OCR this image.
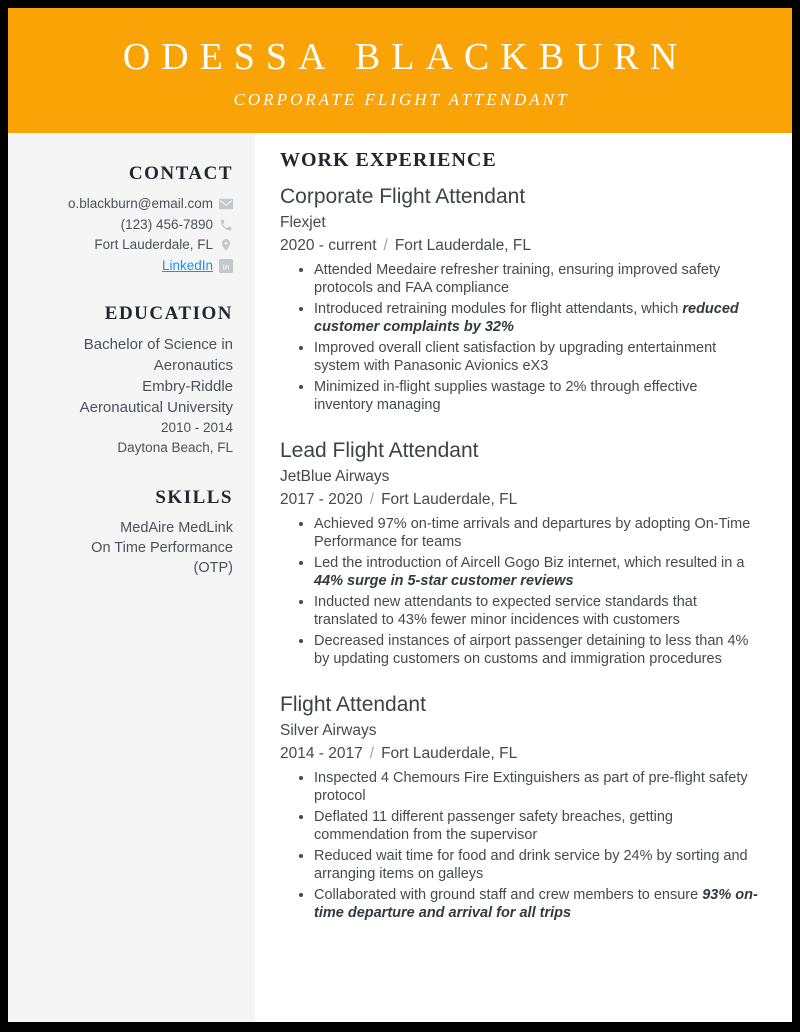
ODESSA BLACKBURN
CORPORATE FLIGHT ATTENDANT
CONTACT
o.blackburn@email.com
(123) 456-7890
Fort Lauderdale, FL
LinkedIn in
EDUCATION
Bachelor of Science in Aeronautics
Embry-Riddle Aeronautical University
2010 - 2014
Daytona Beach, FL
SKILLS
MedAire MedLink
On Time Performance (OTP)
WORK EXPERIENCE
Corporate Flight Attendant
Flexjet
2020 - current / Fort Lauderdale, FL
• Attended Meedaire refresher training, ensuring improved safety protocols and FAA compliance
• Introduced retraining modules for flight attendants, which reduced customer complaints by 32%
• Improved overall client satisfaction by upgrading entertainment system with Panasonic Avionics eX3
• Minimized in-flight supplies wastage to 2% through effective inventory managing
Lead Flight Attendant
JetBlue Airways
2017 - 2020 / Fort Lauderdale, FL
• Achieved 97% on-time arrivals and departures by adopting On-Time Performance for teams
• Led the introduction of Aircell Gogo Biz internet, which resulted in a 44% surge in 5-star customer reviews
• Inducted new attendants to expected service standards that translated to 43% fewer minor incidences with customers
• Decreased instances of airport passenger detaining to less than 4% by updating customers on customs and immigration procedures
Flight Attendant
Silver Airways
2014 - 2017 / Fort Lauderdale, FL
• Inspected 4 Chemours Fire Extinguishers as part of pre-flight safety protocol
• Deflated 11 different passenger safety breaches, getting commendation from the supervisor
• Reduced wait time for food and drink service by 24% by sorting and arranging items on galleys
• Collaborated with ground staff and crew members to ensure 93% on-time departure and arrival for all trips
